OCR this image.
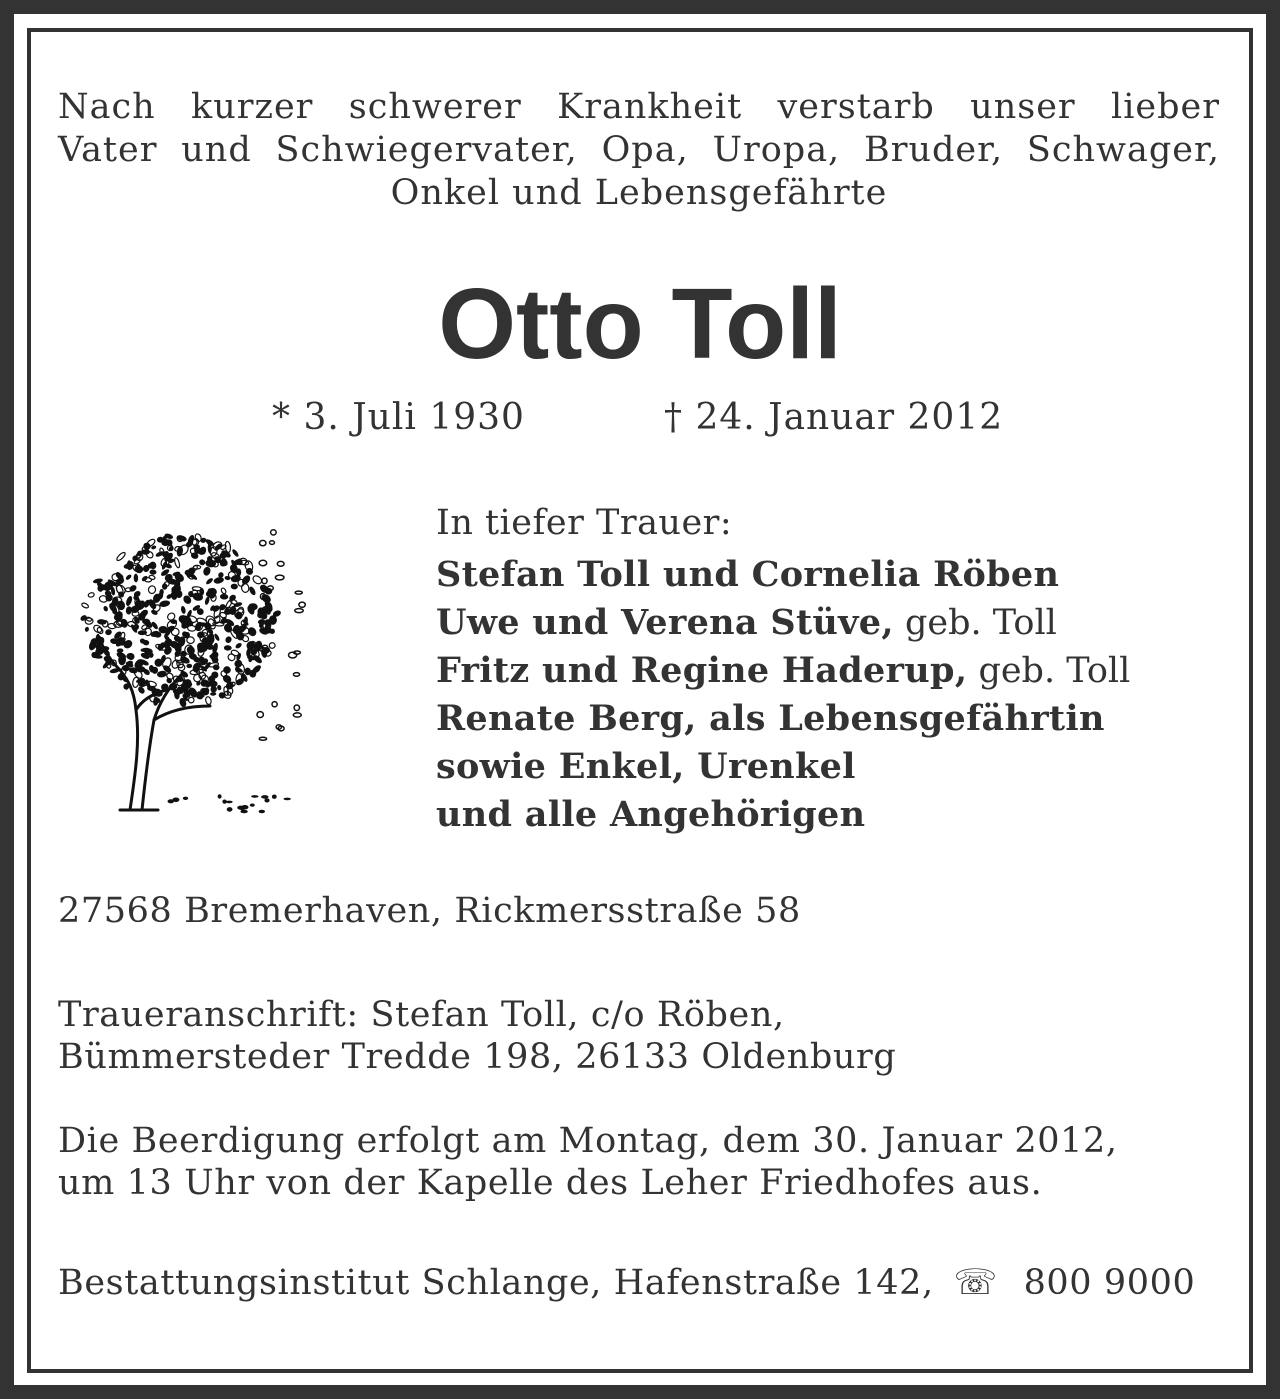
Nach kurzer schwerer Krankheit verstarb unser lieber
Vater und Schwiegervater, Opa, Uropa, Bruder, Schwager,
Onkel und Lebensgefährte
Otto Toll
* 3. Juli 1930	† 24. Januar 2012
In tiefer Trauer:
Stefan Toll und Cornelia Röben
Uwe und Verena Stüve, geb. Toll
Fritz und Regine Haderup, geb. Toll
Renate Berg, als Lebensgefährtin
sowie Enkel, Urenkel
und alle Angehörigen
27568 Bremerhaven, Rickmersstraße 58
Traueranschrift: Stefan Toll, c/o Röben,
Bümmersteder Tredde 198, 26133 Oldenburg
Die Beerdigung erfolgt am Montag, dem 30. Januar 2012,
um 13 Uhr von der Kapelle des Leher Friedhofes aus.
Bestattungsinstitut Schlange, Hafenstraße 142, ☏ 800 9000
